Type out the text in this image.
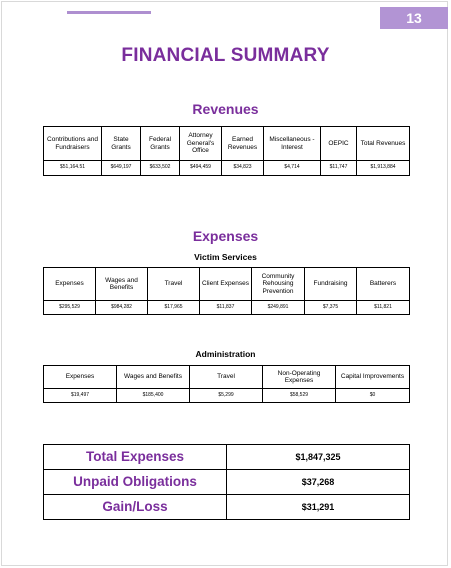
13
FINANCIAL SUMMARY
Revenues
Contributions and Fundraisers	State Grants	Federal Grants	Attorney General's Office	Earned Revenues	Miscellaneous - Interest	OEPIC	Total Revenues
$51,164.51	$649,197	$633,502	$494,459	$34,823	$4,714	$11,747	$1,913,884
Expenses
Victim Services
Expenses	Wages and Benefits	Travel	Client Expenses	Community Rehousing Prevention	Fundraising	Batterers
$295,529	$984,282	$17,965	$11,837	$249,891	$7,375	$11,821
Administration
Expenses	Wages and Benefits	Travel	Non-Operating Expenses	Capital Improvements
$19,497	$185,400	$5,299	$58,529	$0
Total Expenses	$1,847,325
Unpaid Obligations	$37,268
Gain/Loss	$31,291
